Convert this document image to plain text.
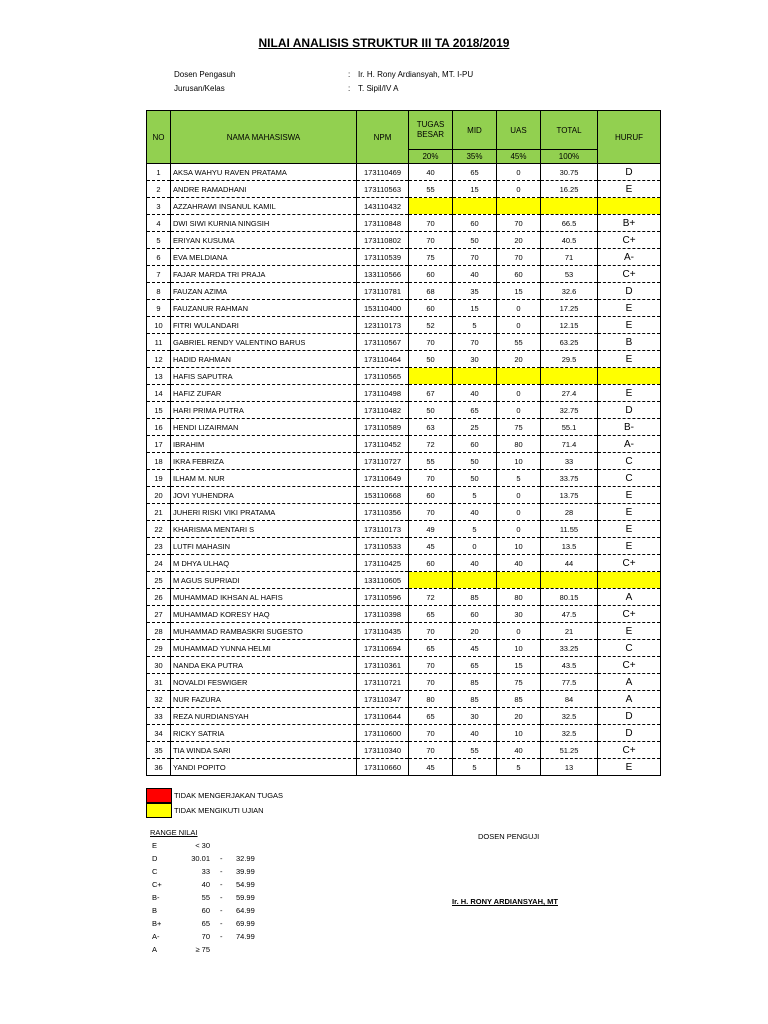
NILAI ANALISIS STRUKTUR III TA 2018/2019
Dosen Pengasuh	: Ir. H. Rony Ardiansyah, MT. I-PU
Jurusan/Kelas	: T. Sipil/IV A
NO	NAMA MAHASISWA	NPM	TUGAS BESAR	MID	UAS	TOTAL	HURUF
			20%	35%	45%	100%	
1	AKSA WAHYU RAVEN PRATAMA	173110469	40	65	0	30.75	D
2	ANDRE RAMADHANI	173110563	55	15	0	16.25	E
3	AZZAHRAWI INSANUL KAMIL	143110432					
4	DWI SIWI KURNIA NINGSIH	173110848	70	60	70	66.5	B+
5	ERIYAN KUSUMA	173110802	70	50	20	40.5	C+
6	EVA MELDIANA	173110539	75	70	70	71	A-
7	FAJAR MARDA TRI PRAJA	133110566	60	40	60	53	C+
8	FAUZAN AZIMA	173110781	68	35	15	32.6	D
9	FAUZANUR RAHMAN	153110400	60	15	0	17.25	E
10	FITRI WULANDARI	123110173	52	5	0	12.15	E
11	GABRIEL RENDY VALENTINO BARUS	173110567	70	70	55	63.25	B
12	HADID RAHMAN	173110464	50	30	20	29.5	E
13	HAFIS SAPUTRA	173110565					
14	HAFIZ ZUFAR	173110498	67	40	0	27.4	E
15	HARI PRIMA PUTRA	173110482	50	65	0	32.75	D
16	HENDI LIZAIRMAN	173110589	63	25	75	55.1	B-
17	IBRAHIM	173110452	72	60	80	71.4	A-
18	IKRA FEBRIZA	173110727	55	50	10	33	C
19	ILHAM M. NUR	173110649	70	50	5	33.75	C
20	JOVI YUHENDRA	153110668	60	5	0	13.75	E
21	JUHERI RISKI VIKI PRATAMA	173110356	70	40	0	28	E
22	KHARISMA MENTARI S	173110173	49	5	0	11.55	E
23	LUTFI MAHASIN	173110533	45	0	10	13.5	E
24	M DHYA ULHAQ	173110425	60	40	40	44	C+
25	M AGUS SUPRIADI	133110605					
26	MUHAMMAD IKHSAN AL HAFIS	173110596	72	85	80	80.15	A
27	MUHAMMAD KORESY HAQ	173110398	65	60	30	47.5	C+
28	MUHAMMAD RAMBASKRI SUGESTO	173110435	70	20	0	21	E
29	MUHAMMAD YUNNA HELMI	173110694	65	45	10	33.25	C
30	NANDA EKA PUTRA	173110361	70	65	15	43.5	C+
31	NOVALDI FESWIGER	173110721	70	85	75	77.5	A
32	NUR FAZURA	173110347	80	85	85	84	A
33	REZA NURDIANSYAH	173110644	65	30	20	32.5	D
34	RICKY SATRIA	173110600	70	40	10	32.5	D
35	TIA WINDA SARI	173110340	70	55	40	51.25	C+
36	YANDI POPITO	173110660	45	5	5	13	E
TIDAK MENGERJAKAN TUGAS
TIDAK MENGIKUTI UJIAN
RANGE NILAI
E	< 30
D	30.01 - 32.99
C	33 - 39.99
C+	40 - 54.99
B-	55 - 59.99
B	60 - 64.99
B+	65 - 69.99
A-	70 - 74.99
A	≥ 75
DOSEN PENGUJI
Ir. H. RONY ARDIANSYAH, MT
